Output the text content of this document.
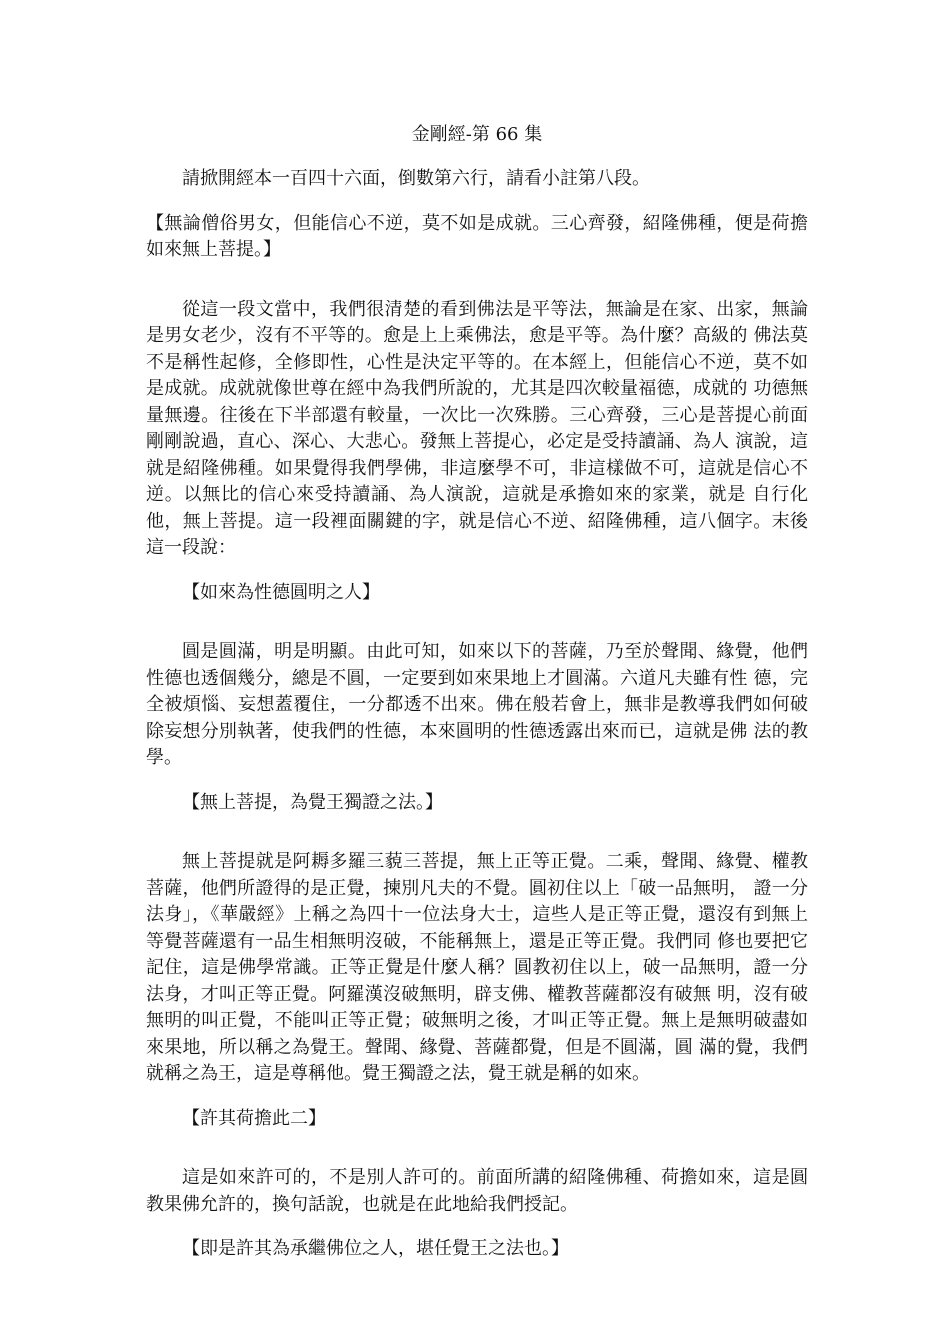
金剛經-第 66 集

請掀開經本一百四十六面，倒數第六行，請看小註第八段。

【無論僧俗男女，但能信心不逆，莫不如是成就。三心齊發，紹隆佛種，便是荷擔如來無上菩提。】

從這一段文當中，我們很清楚的看到佛法是平等法，無論是在家、出家，無論是男女老少，沒有不平等的。愈是上上乘佛法，愈是平等。為什麼？高級的 佛法莫不是稱性起修，全修即性，心性是決定平等的。在本經上，但能信心不逆，莫不如是成就。成就就像世尊在經中為我們所說的，尤其是四次較量福德，成就的 功德無量無邊。往後在下半部還有較量，一次比一次殊勝。三心齊發，三心是菩提心前面剛剛說過，直心、深心、大悲心。發無上菩提心，必定是受持讀誦、為人 演說，這就是紹隆佛種。如果覺得我們學佛，非這麼學不可，非這樣做不可，這就是信心不逆。以無比的信心來受持讀誦、為人演說，這就是承擔如來的家業，就是 自行化他，無上菩提。這一段裡面關鍵的字，就是信心不逆、紹隆佛種，這八個字。末後這一段說：

【如來為性德圓明之人】

圓是圓滿，明是明顯。由此可知，如來以下的菩薩，乃至於聲聞、緣覺，他們性德也透個幾分，總是不圓，一定要到如來果地上才圓滿。六道凡夫雖有性 德，完全被煩惱、妄想蓋覆住，一分都透不出來。佛在般若會上，無非是教導我們如何破除妄想分別執著，使我們的性德，本來圓明的性德透露出來而已，這就是佛 法的教學。

【無上菩提，為覺王獨證之法。】

無上菩提就是阿耨多羅三藐三菩提，無上正等正覺。二乘，聲聞、緣覺、權教菩薩，他們所證得的是正覺，揀別凡夫的不覺。圓初住以上「破一品無明， 證一分法身」，《華嚴經》上稱之為四十一位法身大士，這些人是正等正覺，還沒有到無上等覺菩薩還有一品生相無明沒破，不能稱無上，還是正等正覺。我們同 修也要把它記住，這是佛學常識。正等正覺是什麼人稱？圓教初住以上，破一品無明，證一分法身，才叫正等正覺。阿羅漢沒破無明，辟支佛、權教菩薩都沒有破無 明，沒有破無明的叫正覺，不能叫正等正覺；破無明之後，才叫正等正覺。無上是無明破盡如來果地，所以稱之為覺王。聲聞、緣覺、菩薩都覺，但是不圓滿，圓 滿的覺，我們就稱之為王，這是尊稱他。覺王獨證之法，覺王就是稱的如來。

【許其荷擔此二】

這是如來許可的，不是別人許可的。前面所講的紹隆佛種、荷擔如來，這是圓教果佛允許的，換句話說，也就是在此地給我們授記。

【即是許其為承繼佛位之人，堪任覺王之法也。】
